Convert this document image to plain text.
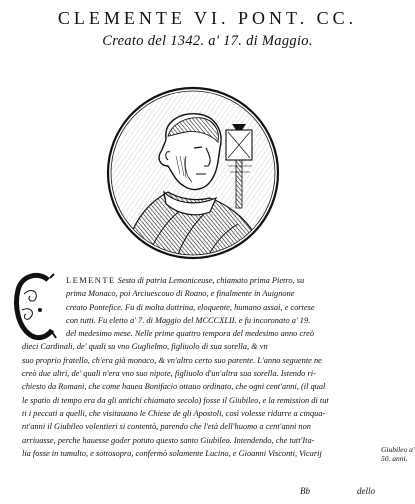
CLEMENTE VI. PONT. CC.
Creato del 1342. a' 17. di Maggio.
LEMENTE Sesto di patria Lemoniceuse, chiamato prima Pietro, su
prima Monaco, poi Arciuescouo di Roano, e finalmente in Auignone
creato Pontefice. Fu di molta dottrina, eloquente, humano assai, e cortese
con tutti. Fu eletto a' 7. di Maggio del MCCCXLII. e fu incoronato a' 19.
del medesimo mese. Nelle prime quattro tempora del medesimo anno creò
dieci Cardinali, de' quali su vno Guglielmo, figliuolo di sua sorella, & vn
suo proprio fratello, ch'era già monaco, & vn'altro certo suo parente. L'anno seguente ne
creò due altri, de' quali n'era vno suo nipote, figliuolo d'un'altra sua sorella. Istendo ri-
chiesto da Romani, che come hauea Bonifacio ottauo ordinato, che ogni cent'anni, (il qual
le spatio di tempo era da gli antichi chiamato secolo) fosse il Giubileo, e la remission di tut
ti i peccati a quelli, che visitauano le Chiese de gli Apostoli, così volesse ridurre a cinqua-
nt'anni il Giubileo volentieri si contentò, parendo che l'età dell'huomo a cent'anni non
arriuasse, perche hauesse goder potuto questo santo Giubileo. Intendendo, che tutt'Ita-
lia fosse in tumulto, e sottosopra, confermò solamente Lucino, e Gioanni Visconti, Vicarij	Giubileo a' 50. anni.
Bb	dello
